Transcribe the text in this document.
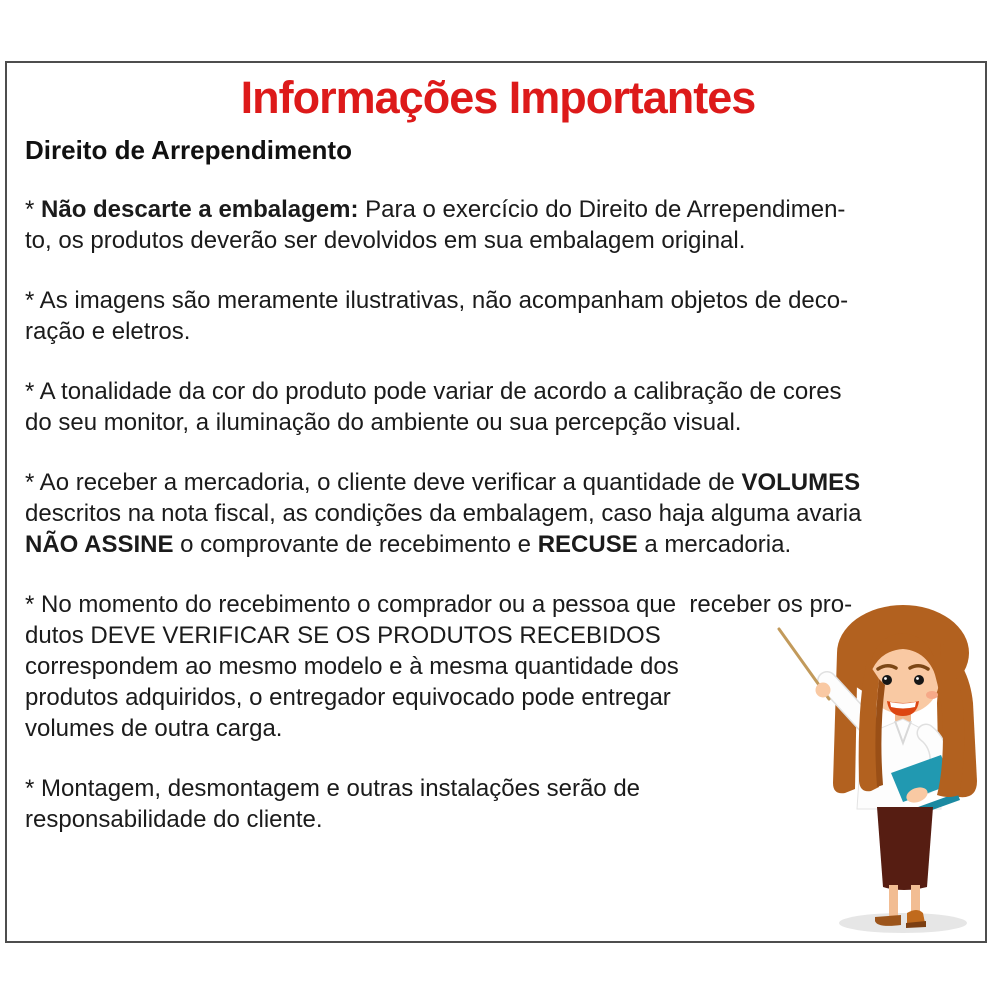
Informações Importantes
Direito de Arrependimento
* Não descarte a embalagem: Para o exercício do Direito de Arrependimen-
to, os produtos deverão ser devolvidos em sua embalagem original.
* As imagens são meramente ilustrativas, não acompanham objetos de deco-
ração e eletros.
* A tonalidade da cor do produto pode variar de acordo a calibração de cores
do seu monitor, a iluminação do ambiente ou sua percepção visual.
* Ao receber a mercadoria, o cliente deve verificar a quantidade de VOLUMES
descritos na nota fiscal, as condições da embalagem, caso haja alguma avaria
NÃO ASSINE o comprovante de recebimento e RECUSE a mercadoria.
* No momento do recebimento o comprador ou a pessoa que  receber os pro-
dutos DEVE VERIFICAR SE OS PRODUTOS RECEBIDOS
correspondem ao mesmo modelo e à mesma quantidade dos
produtos adquiridos, o entregador equivocado pode entregar
volumes de outra carga.
* Montagem, desmontagem e outras instalações serão de
responsabilidade do cliente.
